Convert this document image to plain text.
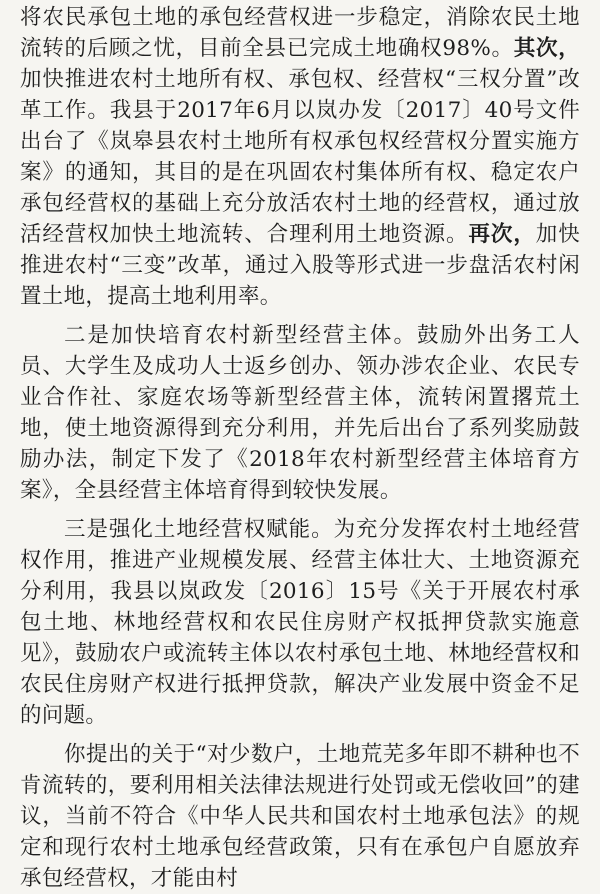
将农民承包土地的承包经营权进一步稳定，消除农民土地流转的后顾之忧，目前全县已完成土地确权98%。其次，加快推进农村土地所有权、承包权、经营权“三权分置”改革工作。我县于2017年6月以岚办发〔2017〕40号文件出台了《岚皋县农村土地所有权承包权经营权分置实施方案》的通知，其目的是在巩固农村集体所有权、稳定农户承包经营权的基础上充分放活农村土地的经营权，通过放活经营权加快土地流转、合理利用土地资源。再次，加快推进农村“三变”改革，通过入股等形式进一步盘活农村闲置土地，提高土地利用率。

二是加快培育农村新型经营主体。鼓励外出务工人员、大学生及成功人士返乡创办、领办涉农企业、农民专业合作社、家庭农场等新型经营主体，流转闲置撂荒土地，使土地资源得到充分利用，并先后出台了系列奖励鼓励办法，制定下发了《2018年农村新型经营主体培育方案》，全县经营主体培育得到较快发展。

三是强化土地经营权赋能。为充分发挥农村土地经营权作用，推进产业规模发展、经营主体壮大、土地资源充分利用，我县以岚政发〔2016〕15号《关于开展农村承包土地、林地经营权和农民住房财产权抵押贷款实施意见》，鼓励农户或流转主体以农村承包土地、林地经营权和农民住房财产权进行抵押贷款，解决产业发展中资金不足的问题。

你提出的关于“对少数户，土地荒芜多年即不耕种也不肯流转的，要利用相关法律法规进行处罚或无偿收回”的建议，当前不符合《中华人民共和国农村土地承包法》的规定和现行农村土地承包经营政策，只有在承包户自愿放弃承包经营权，才能由村
